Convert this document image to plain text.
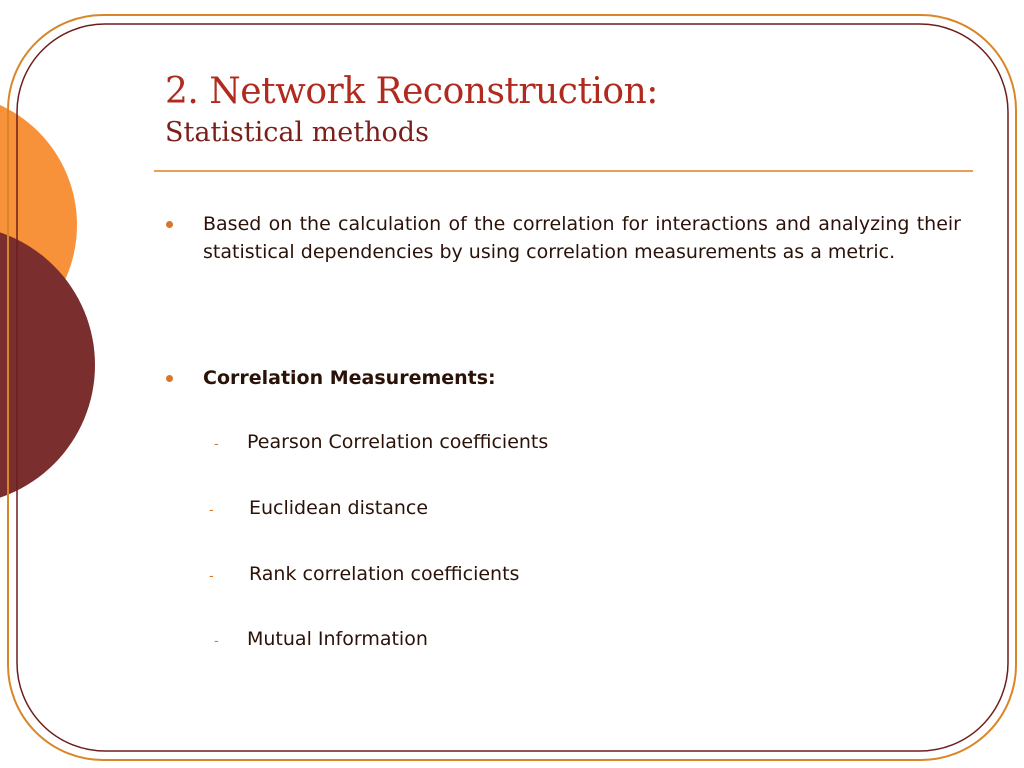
2. Network Reconstruction:
Statistical methods
Based on the calculation of the correlation for interactions and analyzing their statistical dependencies by using correlation measurements as a metric.
Correlation Measurements:
- Pearson Correlation coefficients
- Euclidean distance
- Rank correlation coefficients
- Mutual Information
